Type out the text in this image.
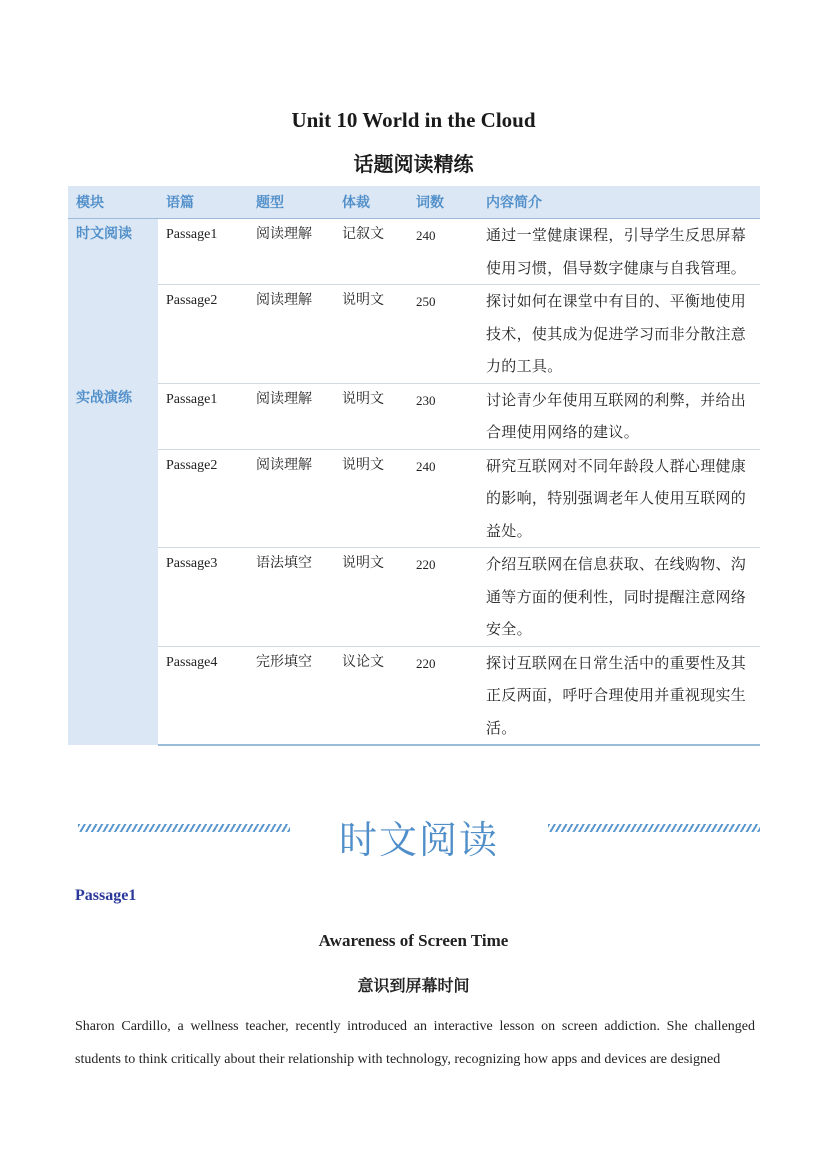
Unit 10 World in the Cloud
话题阅读精练
模块	语篇	题型	体裁	词数	内容简介
时文阅读	Passage1	阅读理解	记叙文	240	通过一堂健康课程，引导学生反思屏幕使用习惯，倡导数字健康与自我管理。
	Passage2	阅读理解	说明文	250	探讨如何在课堂中有目的、平衡地使用技术，使其成为促进学习而非分散注意力的工具。
实战演练	Passage1	阅读理解	说明文	230	讨论青少年使用互联网的利弊，并给出合理使用网络的建议。
	Passage2	阅读理解	说明文	240	研究互联网对不同年龄段人群心理健康的影响，特别强调老年人使用互联网的益处。
	Passage3	语法填空	说明文	220	介绍互联网在信息获取、在线购物、沟通等方面的便利性，同时提醒注意网络安全。
	Passage4	完形填空	议论文	220	探讨互联网在日常生活中的重要性及其正反两面，呼吁合理使用并重视现实生活。
时文阅读
Passage1
Awareness of Screen Time
意识到屏幕时间
Sharon Cardillo, a wellness teacher, recently introduced an interactive lesson on screen addiction. She challenged students to think critically about their relationship with technology, recognizing how apps and devices are designed
